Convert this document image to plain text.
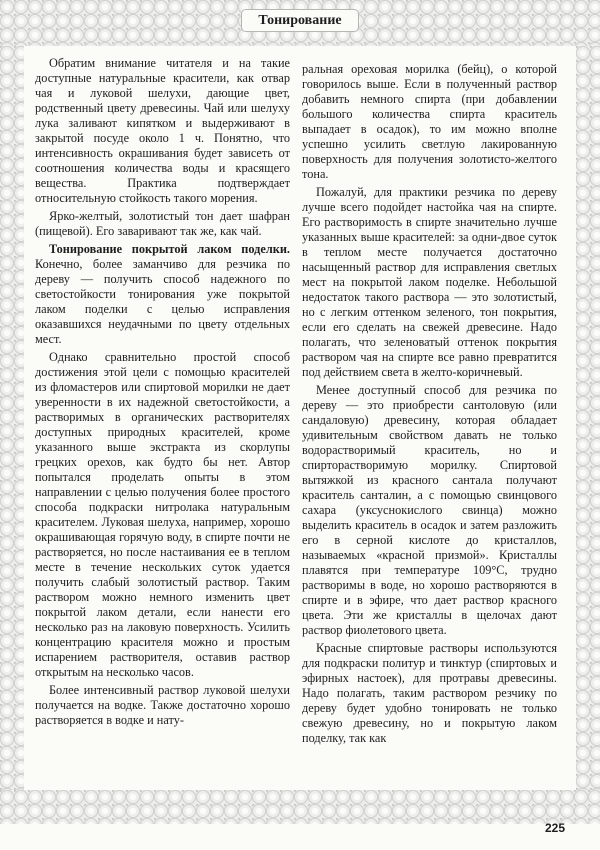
Тонирование

Обратим внимание читателя и на такие доступные натуральные красители, как отвар чая и луковой шелухи, дающие цвет, родственный цвету древесины. Чай или шелуху лука заливают кипятком и выдерживают в закрытой посуде около 1 ч. Понятно, что интенсивность окрашивания будет зависеть от соотношения количества воды и красящего вещества. Практика подтверждает относительную стойкость такого морения.

Ярко-желтый, золотистый тон дает шафран (пищевой). Его заваривают так же, как чай.

Тонирование покрытой лаком поделки. Конечно, более заманчиво для резчика по дереву — получить способ надежного по светостойкости тонирования уже покрытой лаком поделки с целью исправления оказавшихся неудачными по цвету отдельных мест.

Однако сравнительно простой способ достижения этой цели с помощью красителей из фломастеров или спиртовой морилки не дает уверенности в их надежной светостойкости, а растворимых в органических растворителях доступных природных красителей, кроме указанного выше экстракта из скорлупы грецких орехов, как будто бы нет. Автор попытался проделать опыты в этом направлении с целью получения более простого способа подкраски нитролака натуральным красителем. Луковая шелуха, например, хорошо окрашивающая горячую воду, в спирте почти не растворяется, но после настаивания ее в теплом месте в течение нескольких суток удается получить слабый золотистый раствор. Таким раствором можно немного изменить цвет покрытой лаком детали, если нанести его несколько раз на лаковую поверхность. Усилить концентрацию красителя можно и простым испарением растворителя, оставив раствор открытым на несколько часов.

Более интенсивный раствор луковой шелухи получается на водке. Также достаточно хорошо растворяется в водке и нату-

ральная ореховая морилка (бейц), о которой говорилось выше. Если в полученный раствор добавить немного спирта (при добавлении большого количества спирта краситель выпадает в осадок), то им можно вполне успешно усилить светлую лакированную поверхность для получения золотисто-желтого тона.

Пожалуй, для практики резчика по дереву лучше всего подойдет настойка чая на спирте. Его растворимость в спирте значительно лучше указанных выше красителей: за одни-двое суток в теплом месте получается достаточно насыщенный раствор для исправления светлых мест на покрытой лаком поделке. Небольшой недостаток такого раствора — это золотистый, но с легким оттенком зеленого, тон покрытия, если его сделать на свежей древесине. Надо полагать, что зеленоватый оттенок покрытия раствором чая на спирте все равно превратится под действием света в желто-коричневый.

Менее доступный способ для резчика по дереву — это приобрести сантоловую (или сандаловую) древесину, которая обладает удивительным свойством давать не только водорастворимый краситель, но и спирторастворимую морилку. Спиртовой вытяжкой из красного сантала получают краситель санталин, а с помощью свинцового сахара (уксуснокислого свинца) можно выделить краситель в осадок и затем разложить его в серной кислоте до кристаллов, называемых «красной призмой». Кристаллы плавятся при температуре 109°С, трудно растворимы в воде, но хорошо растворяются в спирте и в эфире, что дает раствор красного цвета. Эти же кристаллы в щелочах дают раствор фиолетового цвета.

Красные спиртовые растворы используются для подкраски политур и тинктур (спиртовых и эфирных настоек), для протравы древесины. Надо полагать, таким раствором резчику по дереву будет удобно тонировать не только свежую древесину, но и покрытую лаком поделку, так как

225
